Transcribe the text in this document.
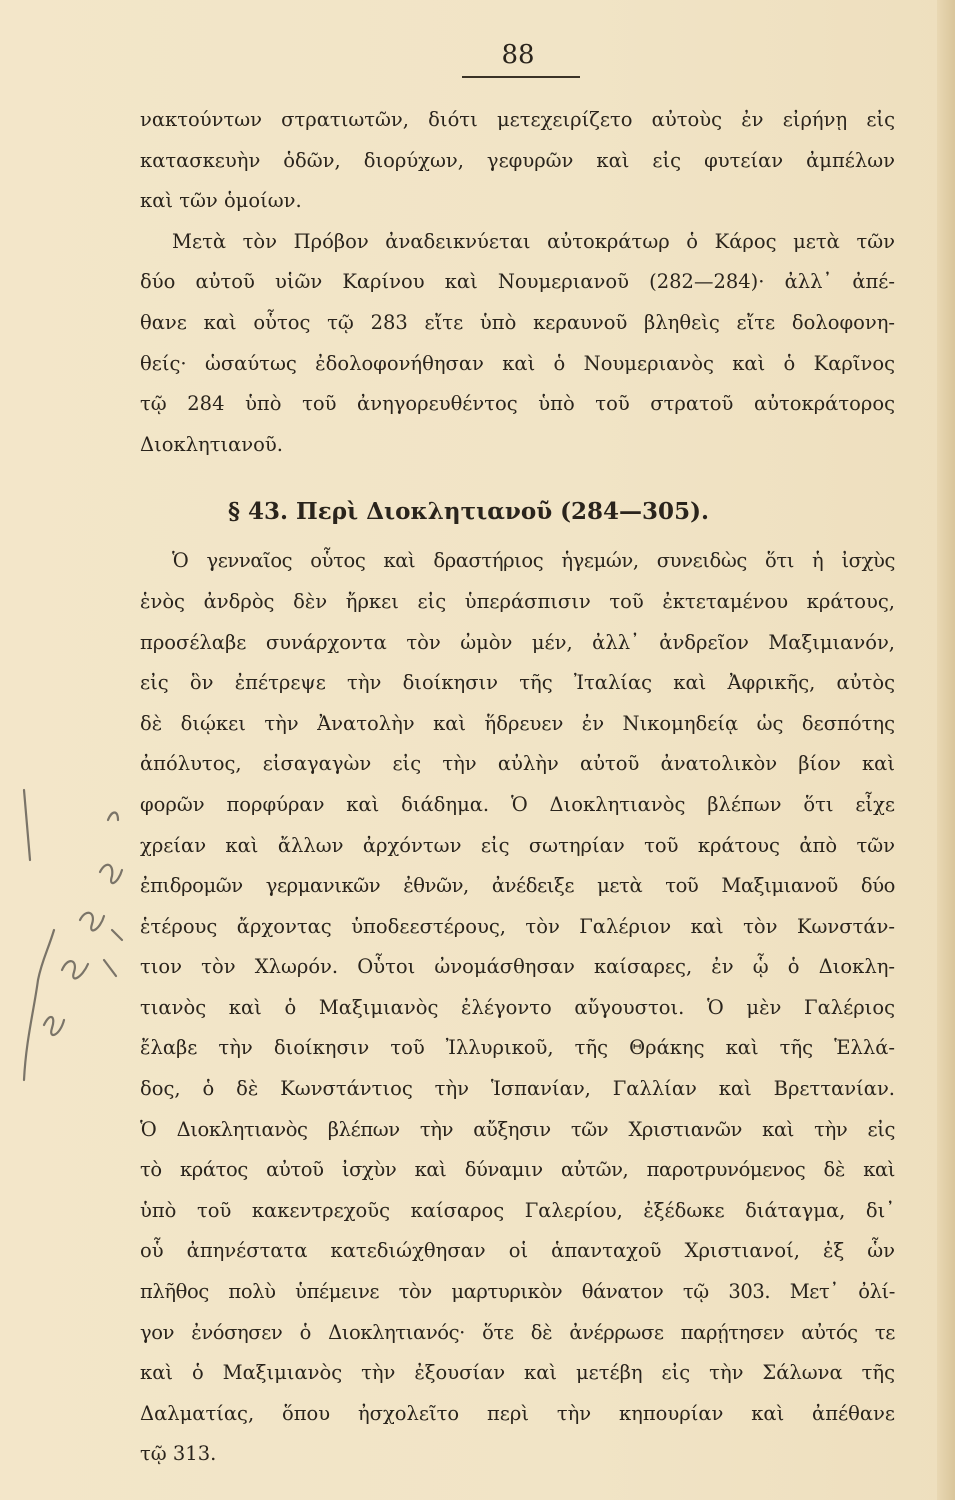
88
νακτούντων στρατιωτῶν, διότι μετεχειρίζετο αὐτοὺς ἐν εἰρήνῃ εἰς
κατασκευὴν ὁδῶν, διορύχων, γεφυρῶν καὶ εἰς φυτείαν ἀμπέλων
καὶ τῶν ὁμοίων.
Μετὰ τὸν Πρόβον ἀναδεικνύεται αὐτοκράτωρ ὁ Κάρος μετὰ τῶν
δύο αὐτοῦ υἱῶν Καρίνου καὶ Νουμεριανοῦ (282—284)· ἀλλ᾽ ἀπέ-
θανε καὶ οὗτος τῷ 283 εἴτε ὑπὸ κεραυνοῦ βληθεὶς εἴτε δολοφονη-
θείς· ὡσαύτως ἐδολοφονήθησαν καὶ ὁ Νουμεριανὸς καὶ ὁ Καρῖνος
τῷ 284 ὑπὸ τοῦ ἀνηγορευθέντος ὑπὸ τοῦ στρατοῦ αὐτοκράτορος
Διοκλητιανοῦ.
§ 43. Περὶ Διοκλητιανοῦ (284—305).
Ὁ γενναῖος οὗτος καὶ δραστήριος ἡγεμών, συνειδὼς ὅτι ἡ ἰσχὺς
ἑνὸς ἀνδρὸς δὲν ἤρκει εἰς ὑπεράσπισιν τοῦ ἐκτεταμένου κράτους,
προσέλαβε συνάρχοντα τὸν ὠμὸν μέν, ἀλλ᾽ ἀνδρεῖον Μαξιμιανόν,
εἰς ὃν ἐπέτρεψε τὴν διοίκησιν τῆς Ἰταλίας καὶ Ἀφρικῆς, αὐτὸς
δὲ διῴκει τὴν Ἀνατολὴν καὶ ἥδρευεν ἐν Νικομηδείᾳ ὡς δεσπότης
ἀπόλυτος, εἰσαγαγὼν εἰς τὴν αὐλὴν αὐτοῦ ἀνατολικὸν βίον καὶ
φορῶν πορφύραν καὶ διάδημα. Ὁ Διοκλητιανὸς βλέπων ὅτι εἶχε
χρείαν καὶ ἄλλων ἀρχόντων εἰς σωτηρίαν τοῦ κράτους ἀπὸ τῶν
ἐπιδρομῶν γερμανικῶν ἐθνῶν, ἀνέδειξε μετὰ τοῦ Μαξιμιανοῦ δύο
ἑτέρους ἄρχοντας ὑποδεεστέρους, τὸν Γαλέριον καὶ τὸν Κωνστάν-
τιον τὸν Χλωρόν. Οὗτοι ὠνομάσθησαν καίσαρες, ἐν ᾧ ὁ Διοκλη-
τιανὸς καὶ ὁ Μαξιμιανὸς ἐλέγοντο αὔγουστοι. Ὁ μὲν Γαλέριος
ἔλαβε τὴν διοίκησιν τοῦ Ἰλλυρικοῦ, τῆς Θράκης καὶ τῆς Ἑλλά-
δος, ὁ δὲ Κωνστάντιος τὴν Ἱσπανίαν, Γαλλίαν καὶ Βρεττανίαν.
Ὁ Διοκλητιανὸς βλέπων τὴν αὔξησιν τῶν Χριστιανῶν καὶ τὴν εἰς
τὸ κράτος αὐτοῦ ἰσχὺν καὶ δύναμιν αὐτῶν, παροτρυνόμενος δὲ καὶ
ὑπὸ τοῦ κακεντρεχοῦς καίσαρος Γαλερίου, ἐξέδωκε διάταγμα, δι᾽
οὗ ἀπηνέστατα κατεδιώχθησαν οἱ ἁπανταχοῦ Χριστιανοί, ἐξ ὧν
πλῆθος πολὺ ὑπέμεινε τὸν μαρτυρικὸν θάνατον τῷ 303. Μετ᾽ ὀλί-
γον ἐνόσησεν ὁ Διοκλητιανός· ὅτε δὲ ἀνέρρωσε παρῄτησεν αὐτός τε
καὶ ὁ Μαξιμιανὸς τὴν ἐξουσίαν καὶ μετέβη εἰς τὴν Σάλωνα τῆς
Δαλματίας, ὅπου ἠσχολεῖτο περὶ τὴν κηπουρίαν καὶ ἀπέθανε
τῷ 313.
